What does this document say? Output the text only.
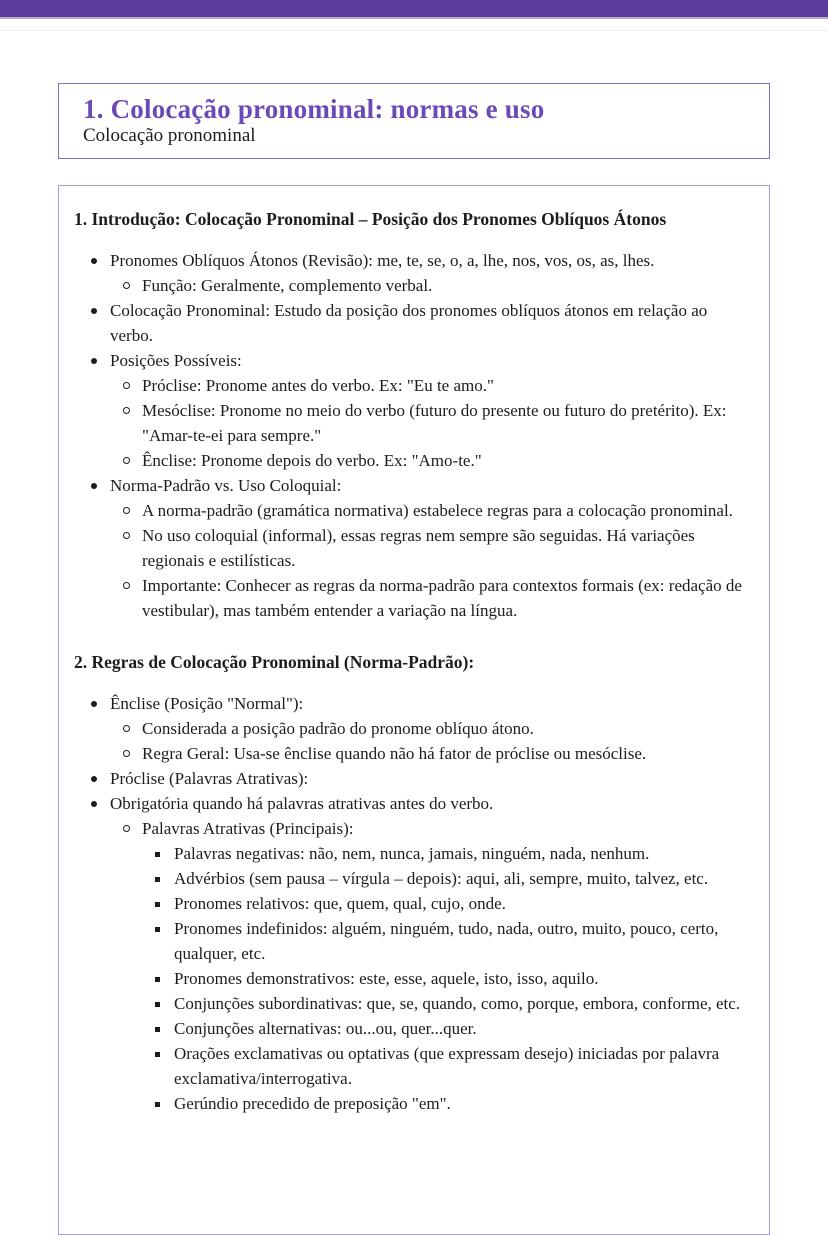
1. Colocação pronominal: normas e uso
Colocação pronominal
1. Introdução: Colocação Pronominal – Posição dos Pronomes Oblíquos Átonos
Pronomes Oblíquos Átonos (Revisão): me, te, se, o, a, lhe, nos, vos, os, as, lhes.
Função: Geralmente, complemento verbal.
Colocação Pronominal: Estudo da posição dos pronomes oblíquos átonos em relação ao verbo.
Posições Possíveis:
Próclise: Pronome antes do verbo. Ex: "Eu te amo."
Mesóclise: Pronome no meio do verbo (futuro do presente ou futuro do pretérito). Ex: "Amar-te-ei para sempre."
Ênclise: Pronome depois do verbo. Ex: "Amo-te."
Norma-Padrão vs. Uso Coloquial:
A norma-padrão (gramática normativa) estabelece regras para a colocação pronominal.
No uso coloquial (informal), essas regras nem sempre são seguidas. Há variações regionais e estilísticas.
Importante: Conhecer as regras da norma-padrão para contextos formais (ex: redação de vestibular), mas também entender a variação na língua.
2. Regras de Colocação Pronominal (Norma-Padrão):
Ênclise (Posição "Normal"):
Considerada a posição padrão do pronome oblíquo átono.
Regra Geral: Usa-se ênclise quando não há fator de próclise ou mesóclise.
Próclise (Palavras Atrativas):
Obrigatória quando há palavras atrativas antes do verbo.
Palavras Atrativas (Principais):
Palavras negativas: não, nem, nunca, jamais, ninguém, nada, nenhum.
Advérbios (sem pausa – vírgula – depois): aqui, ali, sempre, muito, talvez, etc.
Pronomes relativos: que, quem, qual, cujo, onde.
Pronomes indefinidos: alguém, ninguém, tudo, nada, outro, muito, pouco, certo, qualquer, etc.
Pronomes demonstrativos: este, esse, aquele, isto, isso, aquilo.
Conjunções subordinativas: que, se, quando, como, porque, embora, conforme, etc.
Conjunções alternativas: ou...ou, quer...quer.
Orações exclamativas ou optativas (que expressam desejo) iniciadas por palavra exclamativa/interrogativa.
Gerúndio precedido de preposição "em".
